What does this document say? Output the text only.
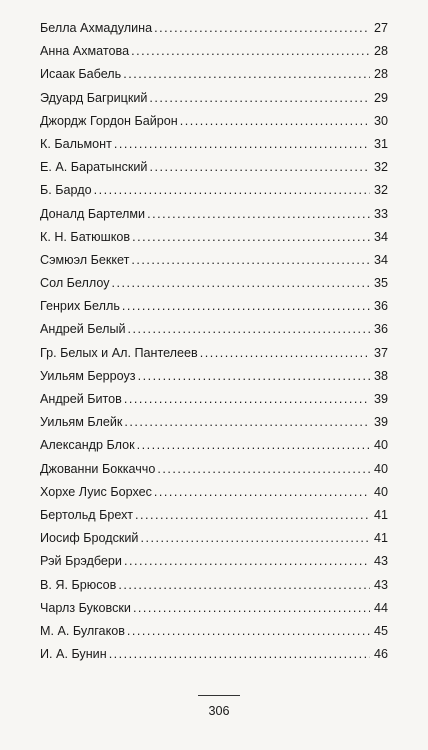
Белла Ахмадулина .....	27
Анна Ахматова .....	28
Исаак Бабель .....	28
Эдуард Багрицкий .....	29
Джордж Гордон Байрон .....	30
К. Бальмонт .....	31
Е. А. Баратынский .....	32
Б. Бардо .....	32
Доналд Бартелми .....	33
К. Н. Батюшков .....	34
Сэмюэл Беккет .....	34
Сол Беллоу .....	35
Генрих Белль .....	36
Андрей Белый .....	36
Гр. Белых и Ал. Пантелеев .....	37
Уильям Берроуз .....	38
Андрей Битов .....	39
Уильям Блейк .....	39
Александр Блок .....	40
Джованни Боккаччо .....	40
Хорхе Луис Борхес .....	40
Бертольд Брехт .....	41
Иосиф Бродский .....	41
Рэй Брэдбери .....	43
В. Я. Брюсов .....	43
Чарлз Буковски .....	44
М. А. Булгаков .....	45
И. А. Бунин .....	46
306
